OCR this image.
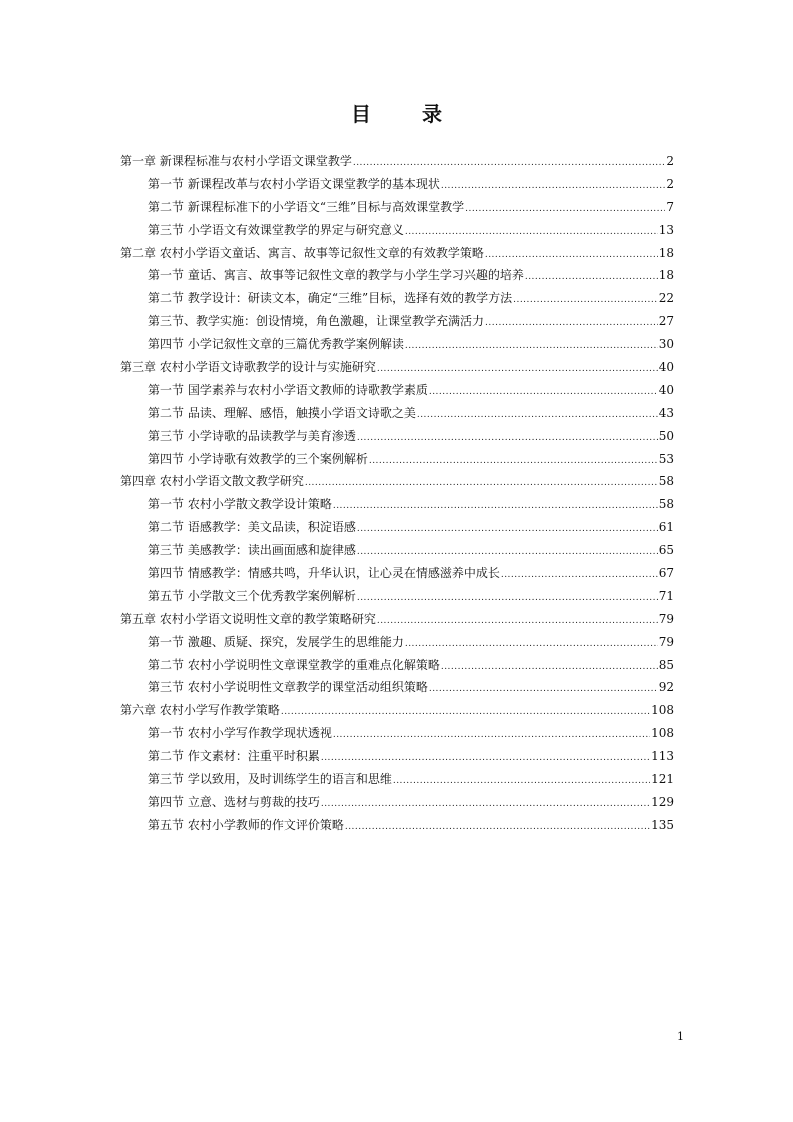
目 录
第一章 新课程标准与农村小学语文课堂教学 .....	2
第一节 新课程改革与农村小学语文课堂教学的基本现状 .....	2
第二节 新课程标准下的小学语文“三维”目标与高效课堂教学 .....	7
第三节 小学语文有效课堂教学的界定与研究意义 .....	13
第二章 农村小学语文童话、寓言、故事等记叙性文章的有效教学策略 .....	18
第一节 童话、寓言、故事等记叙性文章的教学与小学生学习兴趣的培养 .....	18
第二节 教学设计：研读文本，确定“三维”目标，选择有效的教学方法 .....	22
第三节、教学实施：创设情境，角色激趣，让课堂教学充满活力 .....	27
第四节 小学记叙性文章的三篇优秀教学案例解读 .....	30
第三章 农村小学语文诗歌教学的设计与实施研究 .....	40
第一节 国学素养与农村小学语文教师的诗歌教学素质 .....	40
第二节 品读、理解、感悟，触摸小学语文诗歌之美 .....	43
第三节 小学诗歌的品读教学与美育渗透 .....	50
第四节 小学诗歌有效教学的三个案例解析 .....	53
第四章 农村小学语文散文教学研究 .....	58
第一节 农村小学散文教学设计策略 .....	58
第二节 语感教学：美文品读，积淀语感 .....	61
第三节 美感教学：读出画面感和旋律感 .....	65
第四节 情感教学：情感共鸣，升华认识，让心灵在情感滋养中成长 .....	67
第五节 小学散文三个优秀教学案例解析 .....	71
第五章 农村小学语文说明性文章的教学策略研究 .....	79
第一节 激趣、质疑、探究，发展学生的思维能力 .....	79
第二节 农村小学说明性文章课堂教学的重难点化解策略 .....	85
第三节 农村小学说明性文章教学的课堂活动组织策略 .....	92
第六章 农村小学写作教学策略 .....	108
第一节 农村小学写作教学现状透视 .....	108
第二节 作文素材：注重平时积累 .....	113
第三节 学以致用，及时训练学生的语言和思维 .....	121
第四节 立意、选材与剪裁的技巧 .....	129
第五节 农村小学教师的作文评价策略 .....	135
1
